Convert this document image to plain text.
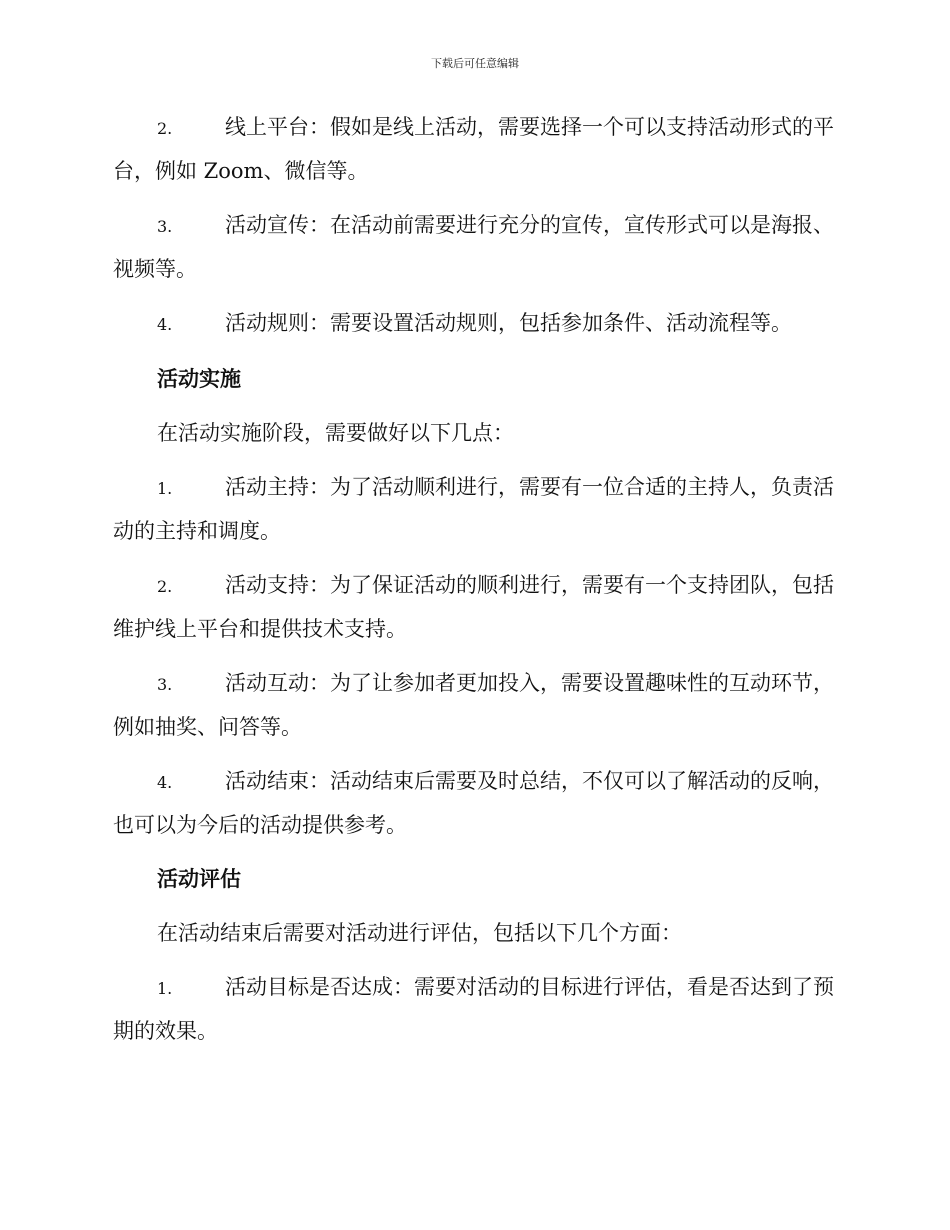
下载后可任意编辑
2.	线上平台：假如是线上活动，需要选择一个可以支持活动形式的平台，例如 Zoom、微信等。
3.	活动宣传：在活动前需要进行充分的宣传，宣传形式可以是海报、视频等。
4.	活动规则：需要设置活动规则，包括参加条件、活动流程等。
活动实施
在活动实施阶段，需要做好以下几点：
1.	活动主持：为了活动顺利进行，需要有一位合适的主持人，负责活动的主持和调度。
2.	活动支持：为了保证活动的顺利进行，需要有一个支持团队，包括维护线上平台和提供技术支持。
3.	活动互动：为了让参加者更加投入，需要设置趣味性的互动环节，例如抽奖、问答等。
4.	活动结束：活动结束后需要及时总结，不仅可以了解活动的反响，也可以为今后的活动提供参考。
活动评估
在活动结束后需要对活动进行评估，包括以下几个方面：
1.	活动目标是否达成：需要对活动的目标进行评估，看是否达到了预期的效果。
